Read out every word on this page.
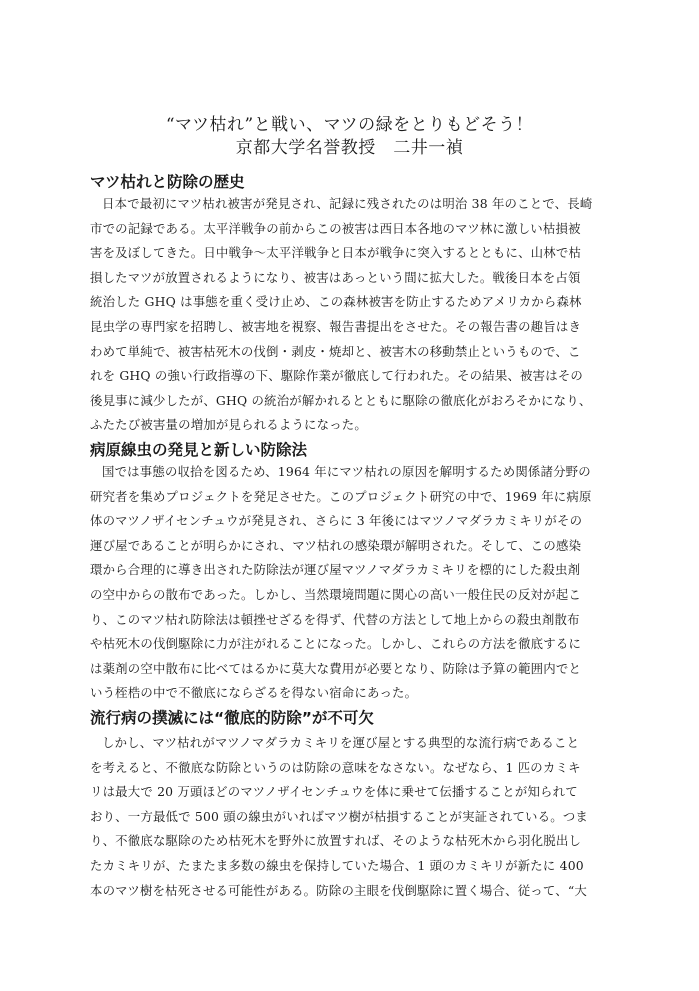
“マツ枯れ”と戦い、マツの緑をとりもどそう！
京都大学名誉教授　二井一禎
マツ枯れと防除の歴史
日本で最初にマツ枯れ被害が発見され、記録に残されたのは明治 38 年のことで、長崎
市での記録である。太平洋戦争の前からこの被害は西日本各地のマツ林に激しい枯損被
害を及ぼしてきた。日中戦争～太平洋戦争と日本が戦争に突入するとともに、山林で枯
損したマツが放置されるようになり、被害はあっという間に拡大した。戦後日本を占領
統治した GHQ は事態を重く受け止め、この森林被害を防止するためアメリカから森林
昆虫学の専門家を招聘し、被害地を視察、報告書提出をさせた。その報告書の趣旨はき
わめて単純で、被害枯死木の伐倒・剥皮・焼却と、被害木の移動禁止というもので、こ
れを GHQ の強い行政指導の下、駆除作業が徹底して行われた。その結果、被害はその
後見事に減少したが、GHQ の統治が解かれるとともに駆除の徹底化がおろそかになり、
ふたたび被害量の増加が見られるようになった。
病原線虫の発見と新しい防除法
国では事態の収拾を図るため、1964 年にマツ枯れの原因を解明するため関係諸分野の
研究者を集めプロジェクトを発足させた。このプロジェクト研究の中で、1969 年に病原
体のマツノザイセンチュウが発見され、さらに 3 年後にはマツノマダラカミキリがその
運び屋であることが明らかにされ、マツ枯れの感染環が解明された。そして、この感染
環から合理的に導き出された防除法が運び屋マツノマダラカミキリを標的にした殺虫剤
の空中からの散布であった。しかし、当然環境問題に関心の高い一般住民の反対が起こ
り、このマツ枯れ防除法は頓挫せざるを得ず、代替の方法として地上からの殺虫剤散布
や枯死木の伐倒駆除に力が注がれることになった。しかし、これらの方法を徹底するに
は薬剤の空中散布に比べてはるかに莫大な費用が必要となり、防除は予算の範囲内でと
いう桎梏の中で不徹底にならざるを得ない宿命にあった。
流行病の撲滅には“徹底的防除”が不可欠
しかし、マツ枯れがマツノマダラカミキリを運び屋とする典型的な流行病であること
を考えると、不徹底な防除というのは防除の意味をなさない。なぜなら、1 匹のカミキ
リは最大で 20 万頭ほどのマツノザイセンチュウを体に乗せて伝播することが知られて
おり、一方最低で 500 頭の線虫がいればマツ樹が枯損することが実証されている。つま
り、不徹底な駆除のため枯死木を野外に放置すれば、そのような枯死木から羽化脱出し
たカミキリが、たまたま多数の線虫を保持していた場合、1 頭のカミキリが新たに 400
本のマツ樹を枯死させる可能性がある。防除の主眼を伐倒駆除に置く場合、従って、“大
